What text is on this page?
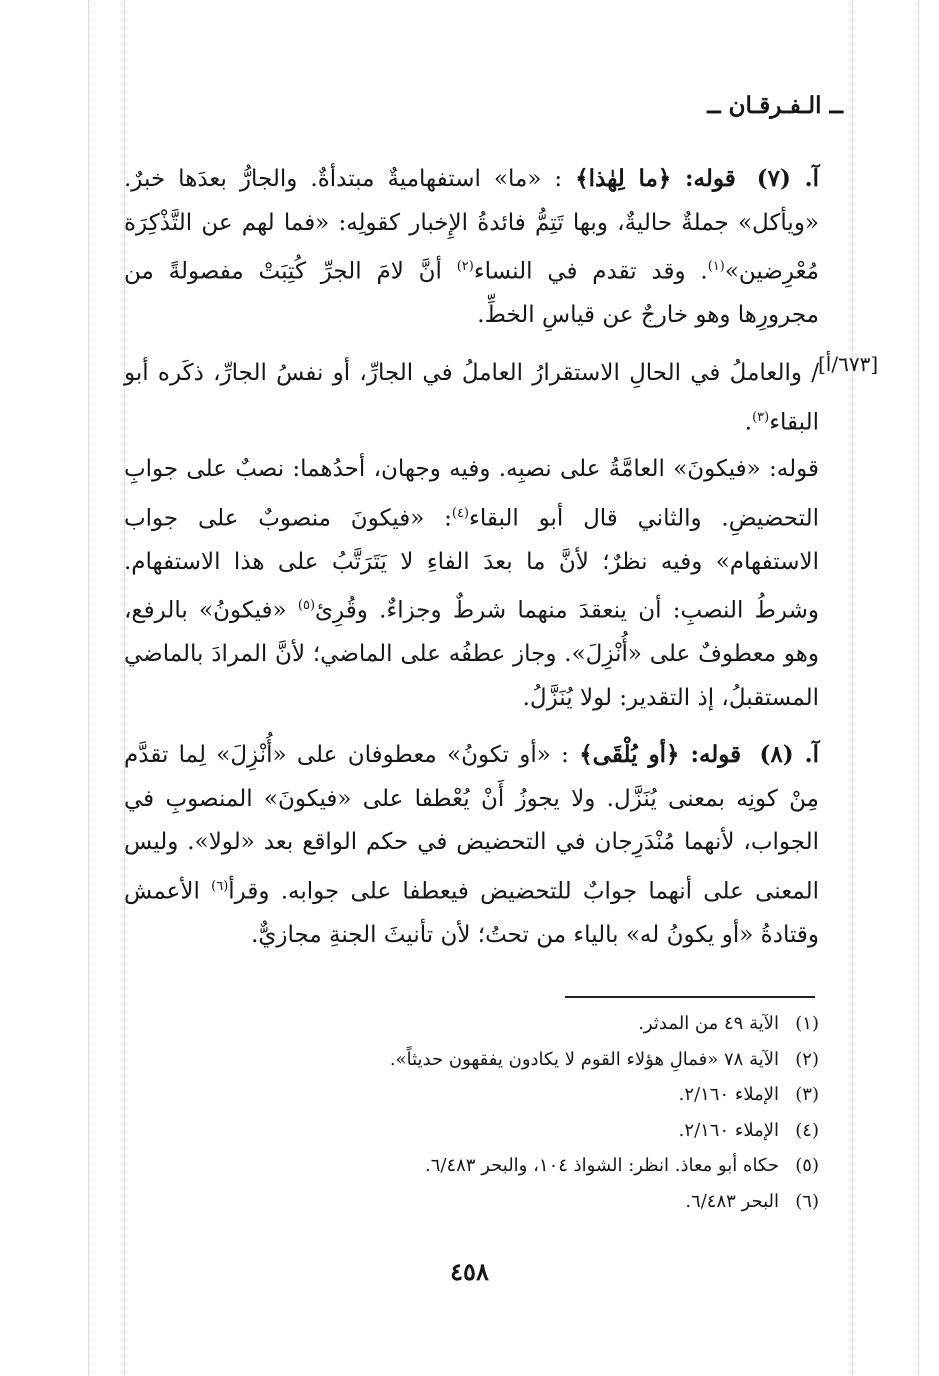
ــ الـفـرقـان ــ
[٦٧٣/أ]

آ. (٧) قوله: ﴿ما لِهٰذا﴾ : «ما» استفهاميةٌ مبتدأةٌ. والجارُّ بعدَها خبرٌ. «ويأكل» جملةٌ حاليةٌ، وبها تَتِمُّ فائدةُ الإِخبار كقولِه: «فما لهم عن التَّذْكِرَة مُعْرِضين»$^{(١)}$. وقد تقدم في النساء$^{(٢)}$ أنَّ لامَ الجرِّ كُتِبَتْ مفصولةً من مجرورِها وهو خارجٌ عن قياسِ الخطِّ.

/ والعاملُ في الحالِ الاستقرارُ العاملُ في الجارِّ، أو نفسُ الجارِّ، ذكَره أبو البقاء$^{(٣)}$.

قوله: «فيكونَ» العامَّةُ على نصبِه. وفيه وجهان، أحدُهما: نصبٌ على جوابِ التحضيضِ. والثاني قال أبو البقاء$^{(٤)}$: «فيكونَ منصوبٌ على جواب الاستفهام» وفيه نظرٌ؛ لأنَّ ما بعدَ الفاءِ لا يَتَرَتَّبُ على هذا الاستفهام. وشرطُ النصبِ: أن ينعقدَ منهما شرطٌ وجزاءٌ. وقُرِئ$^{(٥)}$ «فيكونُ» بالرفع، وهو معطوفٌ على «أُنْزِلَ». وجاز عطفُه على الماضي؛ لأنَّ المرادَ بالماضي المستقبلُ، إذ التقدير: لولا يُنَزَّلُ.

آ. (٨) قوله: ﴿أو يُلْقَى﴾ : «أو تكونُ» معطوفان على «أُنْزِلَ» لِما تقدَّم مِنْ كونِه بمعنى يُنَزَّل. ولا يجوزُ أَنْ يُعْطفا على «فيكونَ» المنصوبِ في الجواب، لأنهما مُنْدَرِجان في التحضيض في حكم الواقع بعد «لولا». وليس المعنى على أنهما جوابٌ للتحضيض فيعطفا على جوابه. وقرأ$^{(٦)}$ الأعمش وقتادةُ «أو يكونُ له» بالياء من تحتُ؛ لأن تأنيثَ الجنةِ مجازيٌّ.

(١)الآية ٤٩ من المدثر.
(٢)الآية ٧٨ «فمالِ هؤلاء القوم لا يكادون يفقهون حديثاً».
(٣)الإملاء ٢/١٦٠.
(٤)الإملاء ٢/١٦٠.
(٥)حكاه أبو معاذ. انظر: الشواذ ١٠٤، والبحر ٦/٤٨٣.
(٦)البحر ٦/٤٨٣.
٤٥٨
